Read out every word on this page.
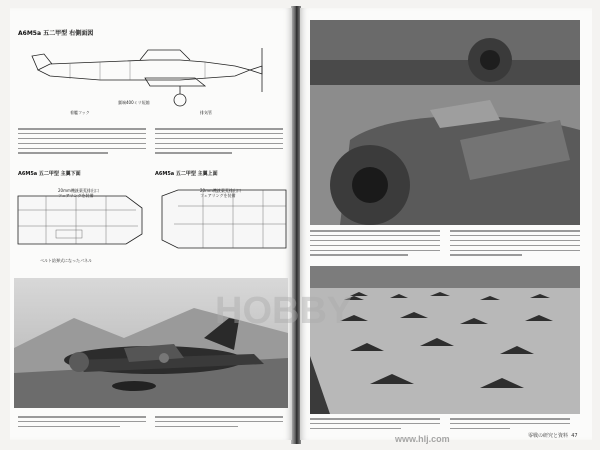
A6M5a 五二甲型 右側面図
翼端400ミリ短縮
排気管
着艦フック
A6M5a 五二甲型 主翼下面	A6M5a 五二甲型 主翼上面
20mm機銃薬莢排出口
フェアリングを装備
20mm機銃薬莢排出口
フェアリングを装備
ベルト給弾式になったパネル
零戦の研究と資料 47
HOBBY
www.hlj.com
